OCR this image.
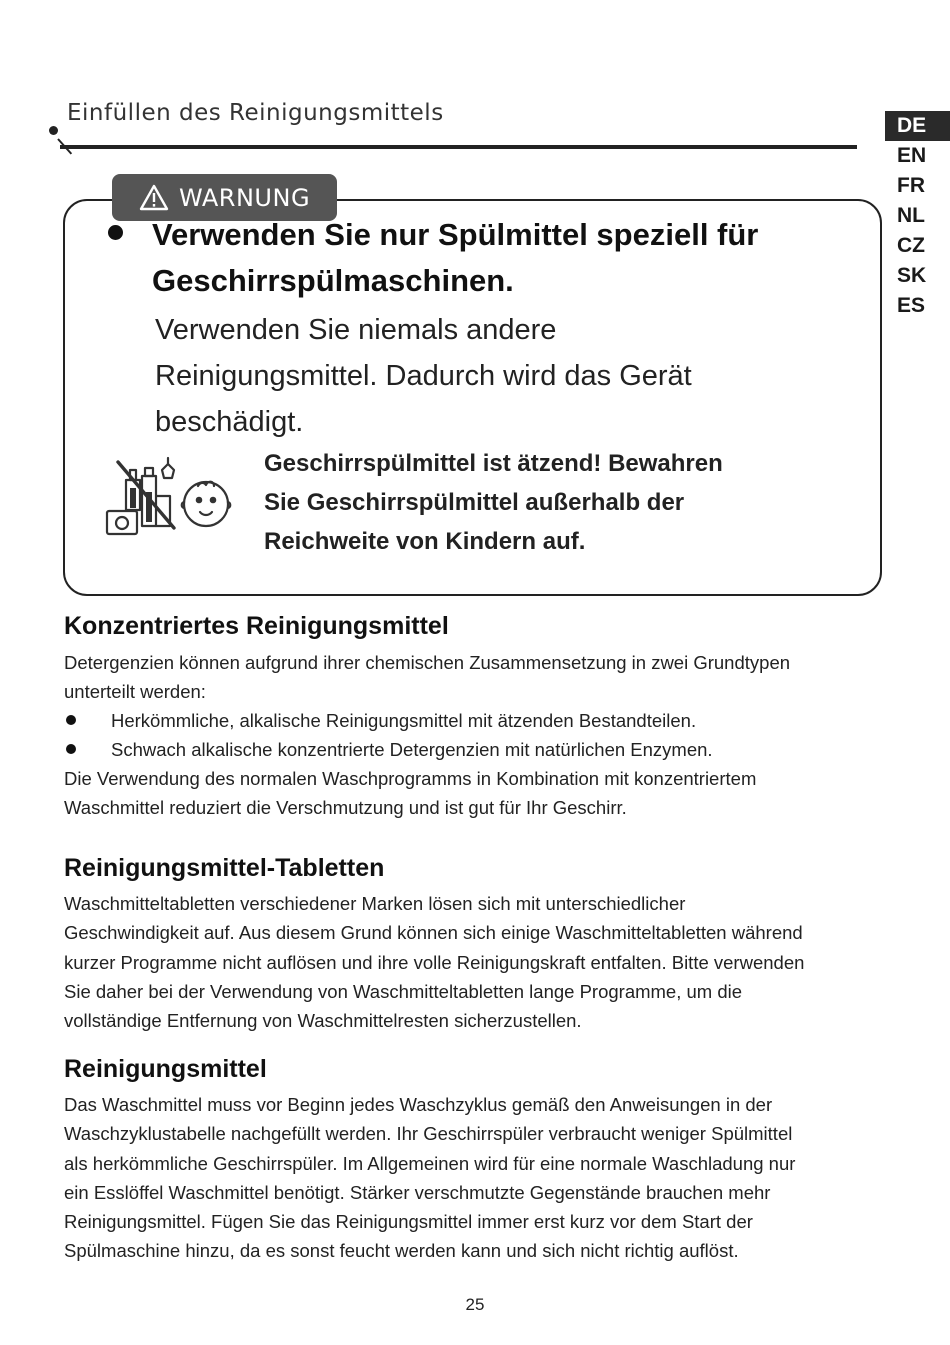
Einfüllen des Reinigungsmittels	DE
EN
FR
NL
CZ
SK
ES
WARNUNG
Verwenden Sie nur Spülmittel speziell für
Geschirrspülmaschinen.
Verwenden Sie niemals andere
Reinigungsmittel. Dadurch wird das Gerät
beschädigt.
Geschirrspülmittel ist ätzend! Bewahren
Sie Geschirrspülmittel außerhalb der
Reichweite von Kindern auf.
Konzentriertes Reinigungsmittel
Detergenzien können aufgrund ihrer chemischen Zusammensetzung in zwei Grundtypen
unterteilt werden:
Herkömmliche, alkalische Reinigungsmittel mit ätzenden Bestandteilen.
Schwach alkalische konzentrierte Detergenzien mit natürlichen Enzymen.
Die Verwendung des normalen Waschprogramms in Kombination mit konzentriertem
Waschmittel reduziert die Verschmutzung und ist gut für Ihr Geschirr.
Reinigungsmittel-Tabletten
Waschmitteltabletten verschiedener Marken lösen sich mit unterschiedlicher
Geschwindigkeit auf. Aus diesem Grund können sich einige Waschmitteltabletten während
kurzer Programme nicht auflösen und ihre volle Reinigungskraft entfalten. Bitte verwenden
Sie daher bei der Verwendung von Waschmitteltabletten lange Programme, um die
vollständige Entfernung von Waschmittelresten sicherzustellen.
Reinigungsmittel
Das Waschmittel muss vor Beginn jedes Waschzyklus gemäß den Anweisungen in der
Waschzyklustabelle nachgefüllt werden. Ihr Geschirrspüler verbraucht weniger Spülmittel
als herkömmliche Geschirrspüler. Im Allgemeinen wird für eine normale Waschladung nur
ein Esslöffel Waschmittel benötigt. Stärker verschmutzte Gegenstände brauchen mehr
Reinigungsmittel. Fügen Sie das Reinigungsmittel immer erst kurz vor dem Start der
Spülmaschine hinzu, da es sonst feucht werden kann und sich nicht richtig auflöst.
25
